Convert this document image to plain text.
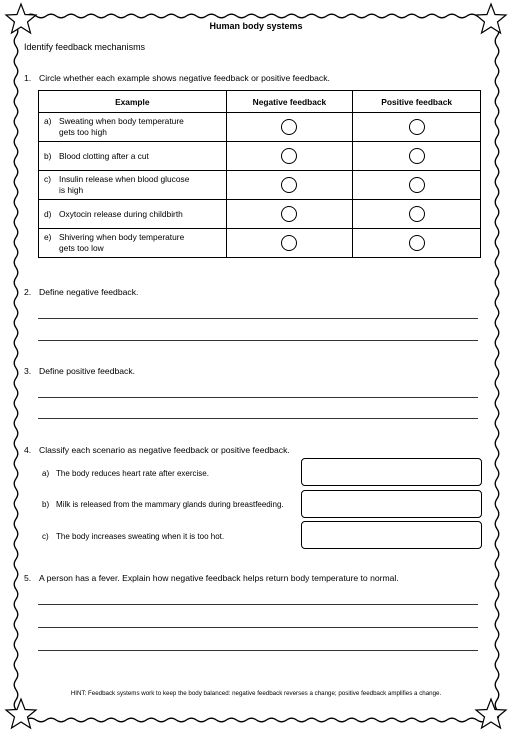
Human body systems
Identify feedback mechanisms
1. Circle whether each example shows negative feedback or positive feedback.
Example	Negative feedback	Positive feedback

a) Sweating when body temperature
gets too high		

b) Blood clotting after a cut		

c) Insulin release when blood glucose
is high		

d) Oxytocin release during childbirth		

e) Shivering when body temperature
gets too low		

2. Define negative feedback.
3. Define positive feedback.
4. Classify each scenario as negative feedback or positive feedback.
a) The body reduces heart rate after exercise.
b) Milk is released from the mammary glands during breastfeeding.
c) The body increases sweating when it is too hot.
5. A person has a fever. Explain how negative feedback helps return body temperature to normal.
HINT: Feedback systems work to keep the body balanced: negative feedback reverses a change; positive feedback amplifies a change.
